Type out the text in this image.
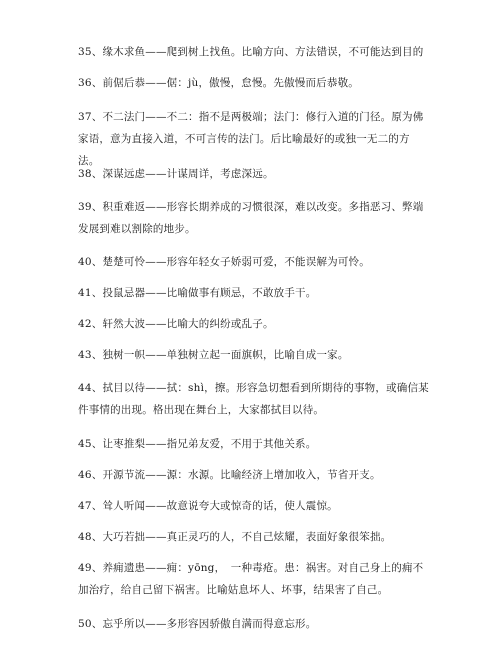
35、缘木求鱼——爬到树上找鱼。比喻方向、方法错误，不可能达到目的
36、前倨后恭——倨：jù，傲慢，怠慢。先傲慢而后恭敬。
37、不二法门——不二：指不是两极端；法门：修行入道的门径。原为佛家语，意为直接入道，不可言传的法门。后比喻最好的或独一无二的方法。
38、深谋远虑——计谋周详，考虑深远。
39、积重难返——形容长期养成的习惯很深，难以改变。多指恶习、弊端发展到难以割除的地步。
40、楚楚可怜——形容年轻女子娇弱可爱，不能误解为可怜。
41、投鼠忌器——比喻做事有顾忌，不敢放手干。
42、轩然大波——比喻大的纠纷或乱子。
43、独树一帜——单独树立起一面旗帜，比喻自成一家。
44、拭目以待——拭：shì，擦。形容急切想看到所期待的事物，或确信某件事情的出现。格出现在舞台上，大家都拭目以待。
45、让枣推梨——指兄弟友爱，不用于其他关系。
46、开源节流——源：水源。比喻经济上增加收入，节省开支。
47、耸人听闻——故意说夸大或惊奇的话，使人震惊。
48、大巧若拙——真正灵巧的人，不自己炫耀，表面好象很笨拙。
49、养痈遗患——痈：yōng，　一种毒疮。患：祸害。对自己身上的痈不加治疗，给自己留下祸害。比喻姑息坏人、坏事，结果害了自己。
50、忘乎所以——多形容因骄傲自满而得意忘形。
